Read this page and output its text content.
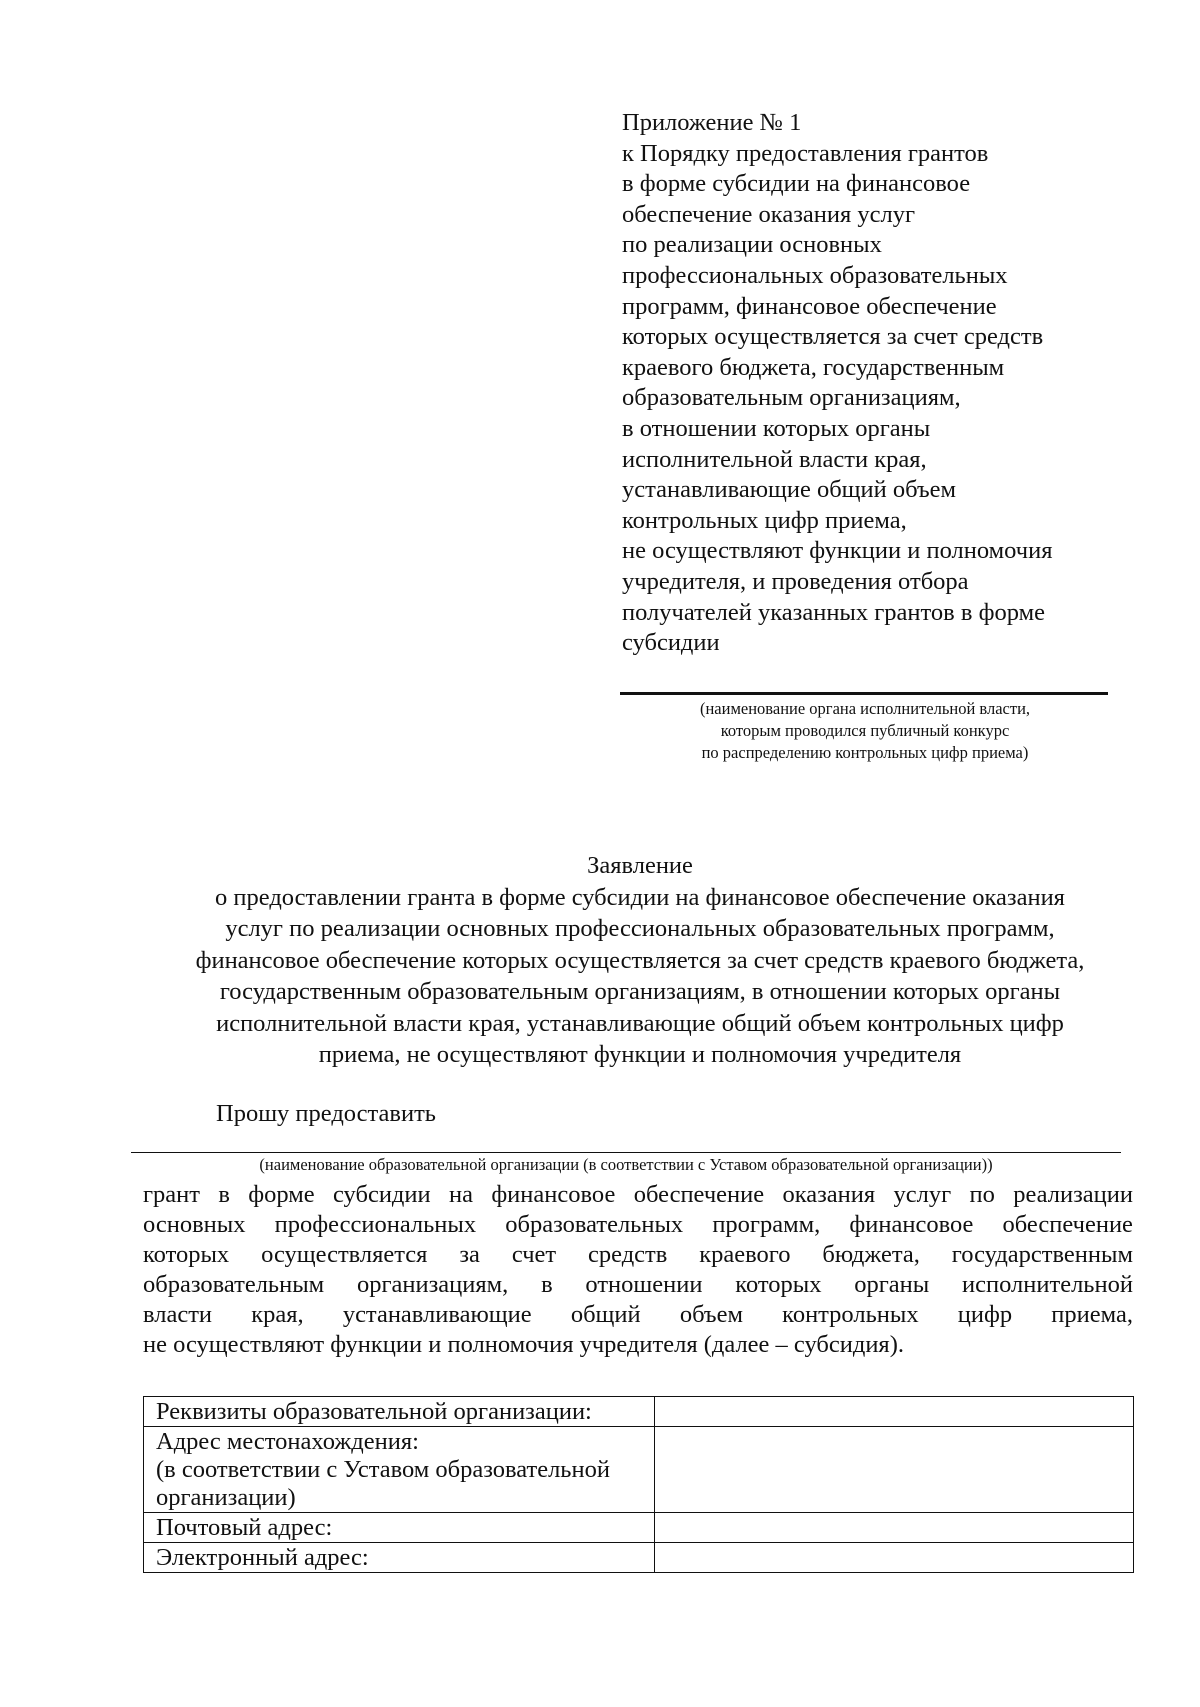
Приложение № 1
к Порядку предоставления грантов
в форме субсидии на финансовое
обеспечение оказания услуг
по реализации основных
профессиональных образовательных
программ, финансовое обеспечение
которых осуществляется за счет средств
краевого бюджета, государственным
образовательным организациям,
в отношении которых органы
исполнительной власти края,
устанавливающие общий объем
контрольных цифр приема,
не осуществляют функции и полномочия
учредителя, и проведения отбора
получателей указанных грантов в форме
субсидии
(наименование органа исполнительной власти,
которым проводился публичный конкурс
по распределению контрольных цифр приема)
Заявление
о предоставлении гранта в форме субсидии на финансовое обеспечение оказания
услуг по реализации основных профессиональных образовательных программ,
финансовое обеспечение которых осуществляется за счет средств краевого бюджета,
государственным образовательным организациям, в отношении которых органы
исполнительной власти края, устанавливающие общий объем контрольных цифр
приема, не осуществляют функции и полномочия учредителя
Прошу предоставить
(наименование образовательной организации (в соответствии с Уставом образовательной организации))
грант в форме субсидии на финансовое обеспечение оказания услуг по реализации
основных профессиональных образовательных программ, финансовое обеспечение
которых осуществляется за счет средств краевого бюджета, государственным
образовательным организациям, в отношении которых органы исполнительной
власти края, устанавливающие общий объем контрольных цифр приема,
не осуществляют функции и полномочия учредителя (далее – субсидия).
Реквизиты образовательной организации:	

Адрес местонахождения:
(в соответствии с Уставом образовательной
организации)	

Почтовый адрес:	

Электронный адрес:	
